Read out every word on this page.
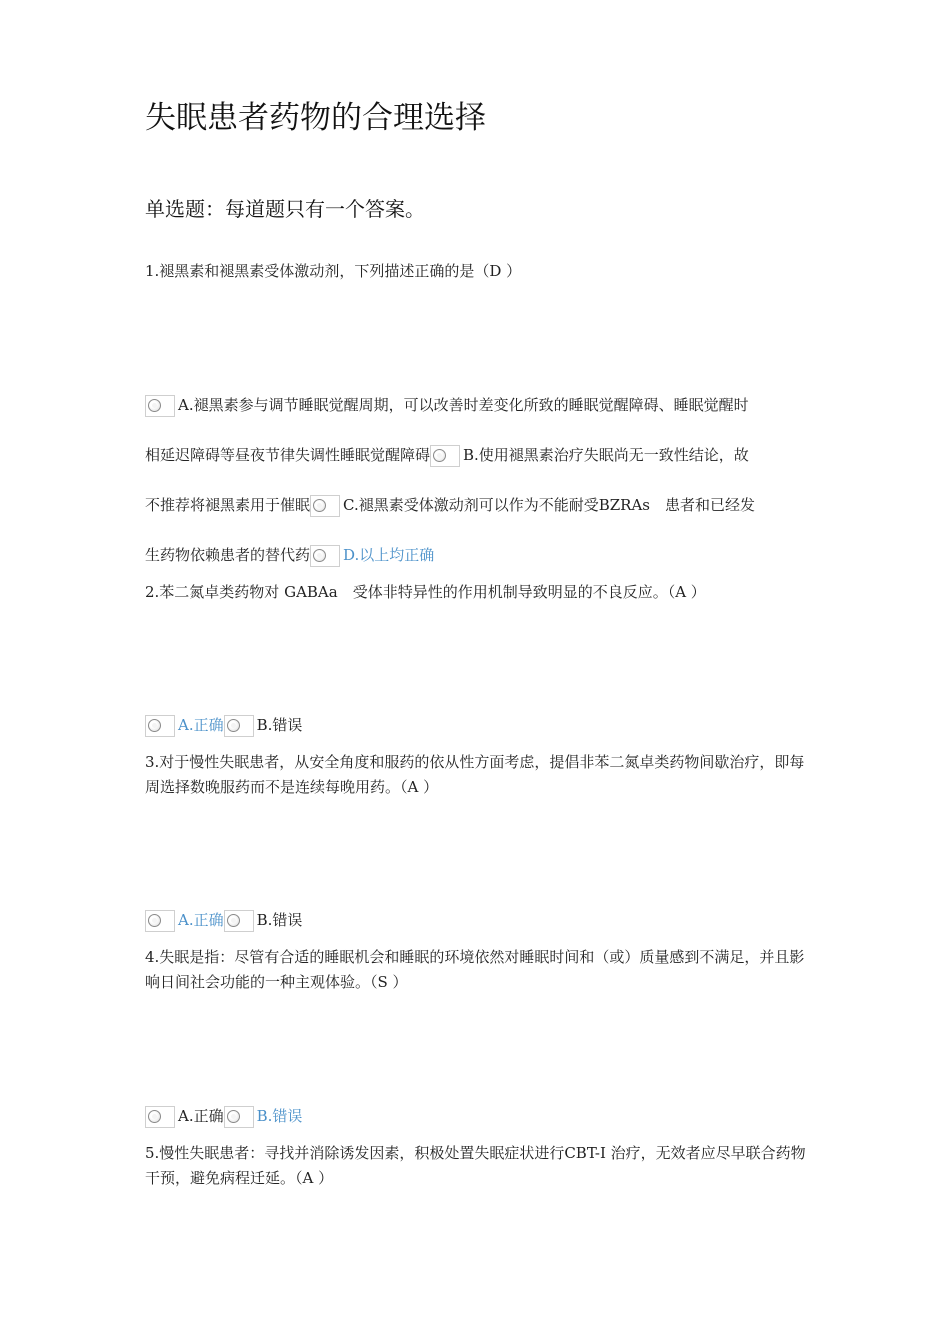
失眠患者药物的合理选择
单选题：每道题只有一个答案。
1.褪黑素和褪黑素受体激动剂，下列描述正确的是（D ）
A.褪黑素参与调节睡眠觉醒周期，可以改善时差变化所致的睡眠觉醒障碍、睡眠觉醒时
相延迟障碍等昼夜节律失调性睡眠觉醒障碍 B.使用褪黑素治疗失眠尚无一致性结论，故
不推荐将褪黑素用于催眠 C.褪黑素受体激动剂可以作为不能耐受BZRAs　患者和已经发
生药物依赖患者的替代药 D.以上均正确
2.苯二氮卓类药物对 GABAa　受体非特异性的作用机制导致明显的不良反应。（A ）
A.正确 B.错误
3.对于慢性失眠患者，从安全角度和服药的依从性方面考虑，提倡非苯二氮卓类药物间歇治疗，即每周选择数晚服药而不是连续每晚用药。（A ）
A.正确 B.错误
4.失眠是指：尽管有合适的睡眠机会和睡眠的环境依然对睡眠时间和（或）质量感到不满足，并且影响日间社会功能的一种主观体验。（S ）
A.正确 B.错误
5.慢性失眠患者：寻找并消除诱发因素，积极处置失眠症状进行CBT-I 治疗，无效者应尽早联合药物干预，避免病程迁延。（A ）
